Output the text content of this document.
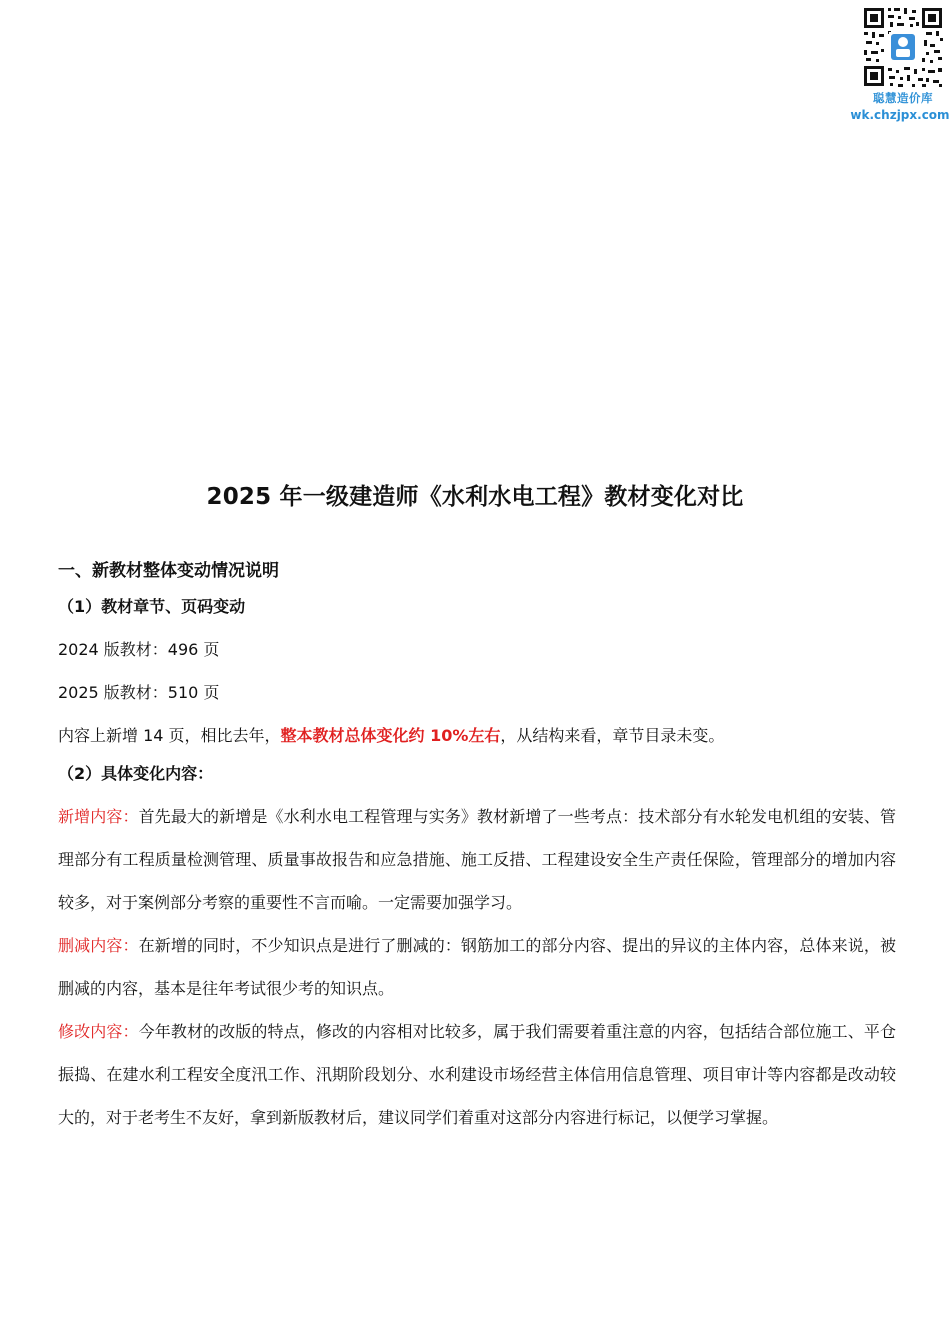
聪慧造价库
wk.chzjpx.com
2025 年一级建造师《水利水电工程》教材变化对比
一、新教材整体变动情况说明
（1）教材章节、页码变动

2024 版教材：496 页

2025 版教材：510 页

内容上新增 14 页，相比去年，整本教材总体变化约 10%左右，从结构来看，章节目录未变。

（2）具体变化内容：

新增内容：首先最大的新增是《水利水电工程管理与实务》教材新增了一些考点：技术部分有水轮发电机组的安装、管理部分有工程质量检测管理、质量事故报告和应急措施、施工反措、工程建设安全生产责任保险，管理部分的增加内容较多，对于案例部分考察的重要性不言而喻。一定需要加强学习。

删减内容：在新增的同时，不少知识点是进行了删减的：钢筋加工的部分内容、提出的异议的主体内容，总体来说，被删减的内容，基本是往年考试很少考的知识点。

修改内容：今年教材的改版的特点，修改的内容相对比较多，属于我们需要着重注意的内容，包括结合部位施工、平仓振捣、在建水利工程安全度汛工作、汛期阶段划分、水利建设市场经营主体信用信息管理、项目审计等内容都是改动较大的，对于老考生不友好，拿到新版教材后，建议同学们着重对这部分内容进行标记，以便学习掌握。
